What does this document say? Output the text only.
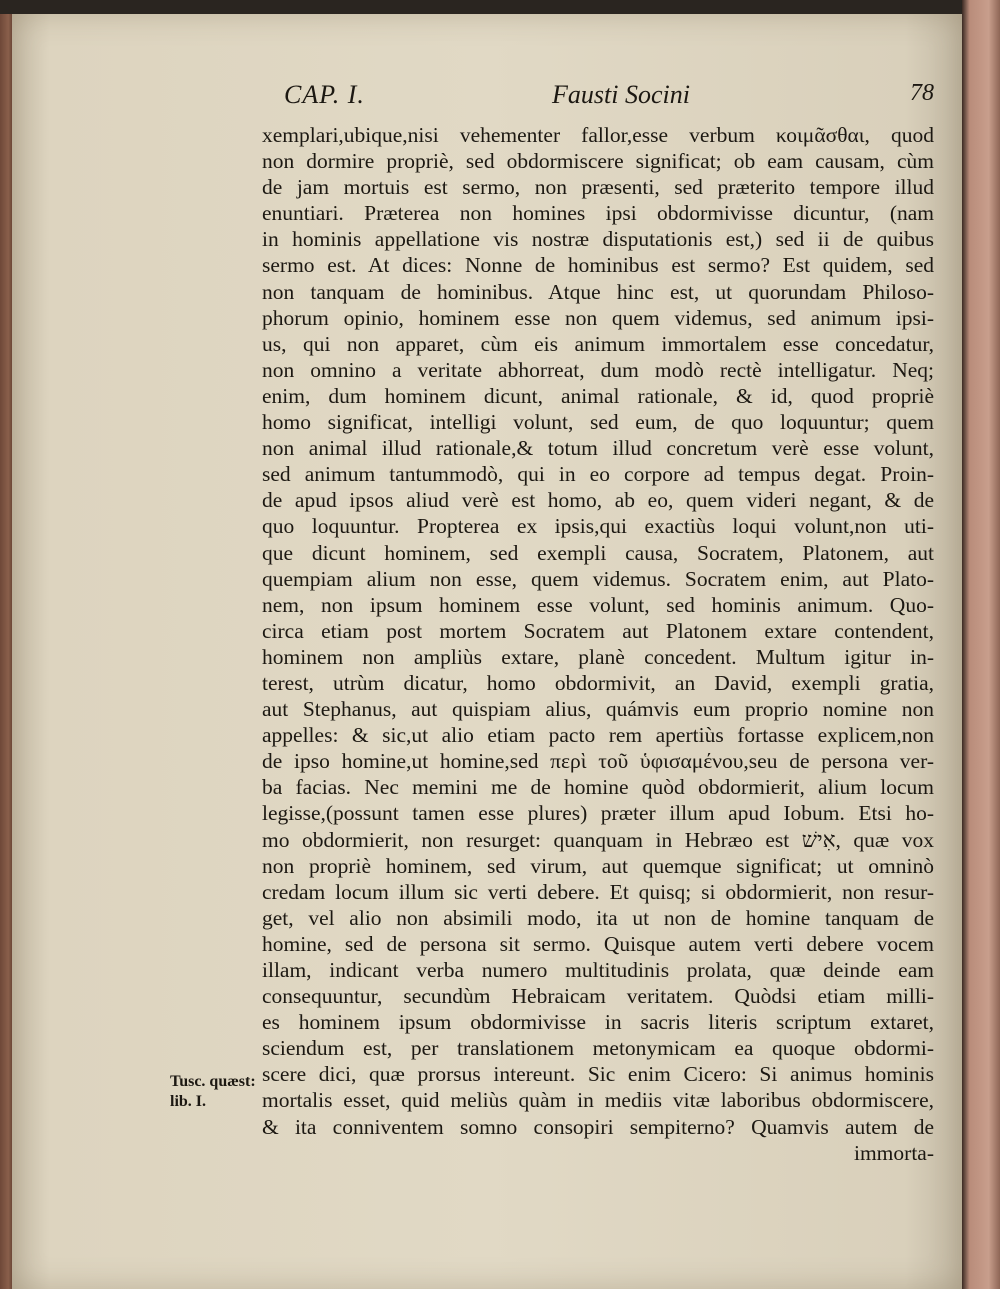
CAP. I.	Fausti Socini	78
xemplari,ubique,nisi vehementer fallor,esse verbum κοιμᾶσθαι, quod
non dormire propriè, sed obdormiscere significat; ob eam causam, cùm
de jam mortuis est sermo, non præsenti, sed præterito tempore illud
enuntiari. Præterea non homines ipsi obdormivisse dicuntur, (nam
in hominis appellatione vis nostræ disputationis est,) sed ii de quibus
sermo est. At dices: Nonne de hominibus est sermo? Est quidem, sed
non tanquam de hominibus. Atque hinc est, ut quorundam Philoso-
phorum opinio, hominem esse non quem videmus, sed animum ipsi-
us, qui non apparet, cùm eis animum immortalem esse concedatur,
non omnino a veritate abhorreat, dum modò rectè intelligatur. Neq;
enim, dum hominem dicunt, animal rationale, & id, quod propriè
homo significat, intelligi volunt, sed eum, de quo loquuntur; quem
non animal illud rationale,& totum illud concretum verè esse volunt,
sed animum tantummodò, qui in eo corpore ad tempus degat. Proin-
de apud ipsos aliud verè est homo, ab eo, quem videri negant, & de
quo loquuntur. Propterea ex ipsis,qui exactiùs loqui volunt,non uti-
que dicunt hominem, sed exempli causa, Socratem, Platonem, aut
quempiam alium non esse, quem videmus. Socratem enim, aut Plato-
nem, non ipsum hominem esse volunt, sed hominis animum. Quo-
circa etiam post mortem Socratem aut Platonem extare contendent,
hominem non ampliùs extare, planè concedent. Multum igitur in-
terest, utrùm dicatur, homo obdormivit, an David, exempli gratia,
aut Stephanus, aut quispiam alius, quámvis eum proprio nomine non
appelles: & sic,ut alio etiam pacto rem apertiùs fortasse explicem,non
de ipso homine,ut homine,sed περὶ τοῦ ὑφισαμένου,seu de persona ver-
ba facias. Nec memini me de homine quòd obdormierit, alium locum
legisse,(possunt tamen esse plures) præter illum apud Iobum. Etsi ho-
mo obdormierit, non resurget: quanquam in Hebræo est אִישׁ, quæ vox
non propriè hominem, sed virum, aut quemque significat; ut omninò
credam locum illum sic verti debere. Et quisq; si obdormierit, non resur-
get, vel alio non absimili modo, ita ut non de homine tanquam de
homine, sed de persona sit sermo. Quisque autem verti debere vocem
illam, indicant verba numero multitudinis prolata, quæ deinde eam
consequuntur, secundùm Hebraicam veritatem. Quòdsi etiam milli-
es hominem ipsum obdormivisse in sacris literis scriptum extaret,
sciendum est, per translationem metonymicam ea quoque obdormi-
scere dici, quæ prorsus intereunt. Sic enim Cicero: Si animus hominis
mortalis esset, quid meliùs quàm in mediis vitæ laboribus obdormiscere,
& ita conniventem somno consopiri sempiterno? Quamvis autem de
immorta-
Tusc. quæst:
lib. I.
